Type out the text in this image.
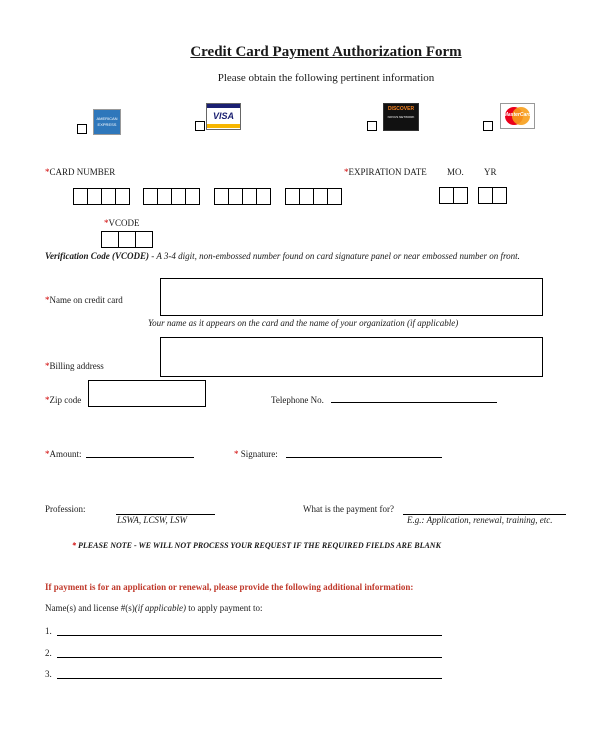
Credit Card Payment Authorization Form
Please obtain the following pertinent information
AMERICAN
EXPRESS
VISA
DISCOVER
NOVUS NETWORK	MasterCard
*CARD NUMBER	*EXPIRATION DATE MO. YR
*VCODE
Verification Code (VCODE) - A 3-4 digit, non-embossed number found on card signature panel or near embossed number on front.
*Name on credit card
Your name as it appears on the card and the name of your organization (if applicable)
*Billing address
*Zip code	Telephone No.
*Amount:	* Signature:
Profession:
LSWA, LCSW, LSW
What is the payment for?
E.g.: Application, renewal, training, etc.
* PLEASE NOTE - WE WILL NOT PROCESS YOUR REQUEST IF THE REQUIRED FIELDS ARE BLANK
If payment is for an application or renewal, please provide the following additional information:
Name(s) and license #(s)(if applicable) to apply payment to:
1.
2.
3.
